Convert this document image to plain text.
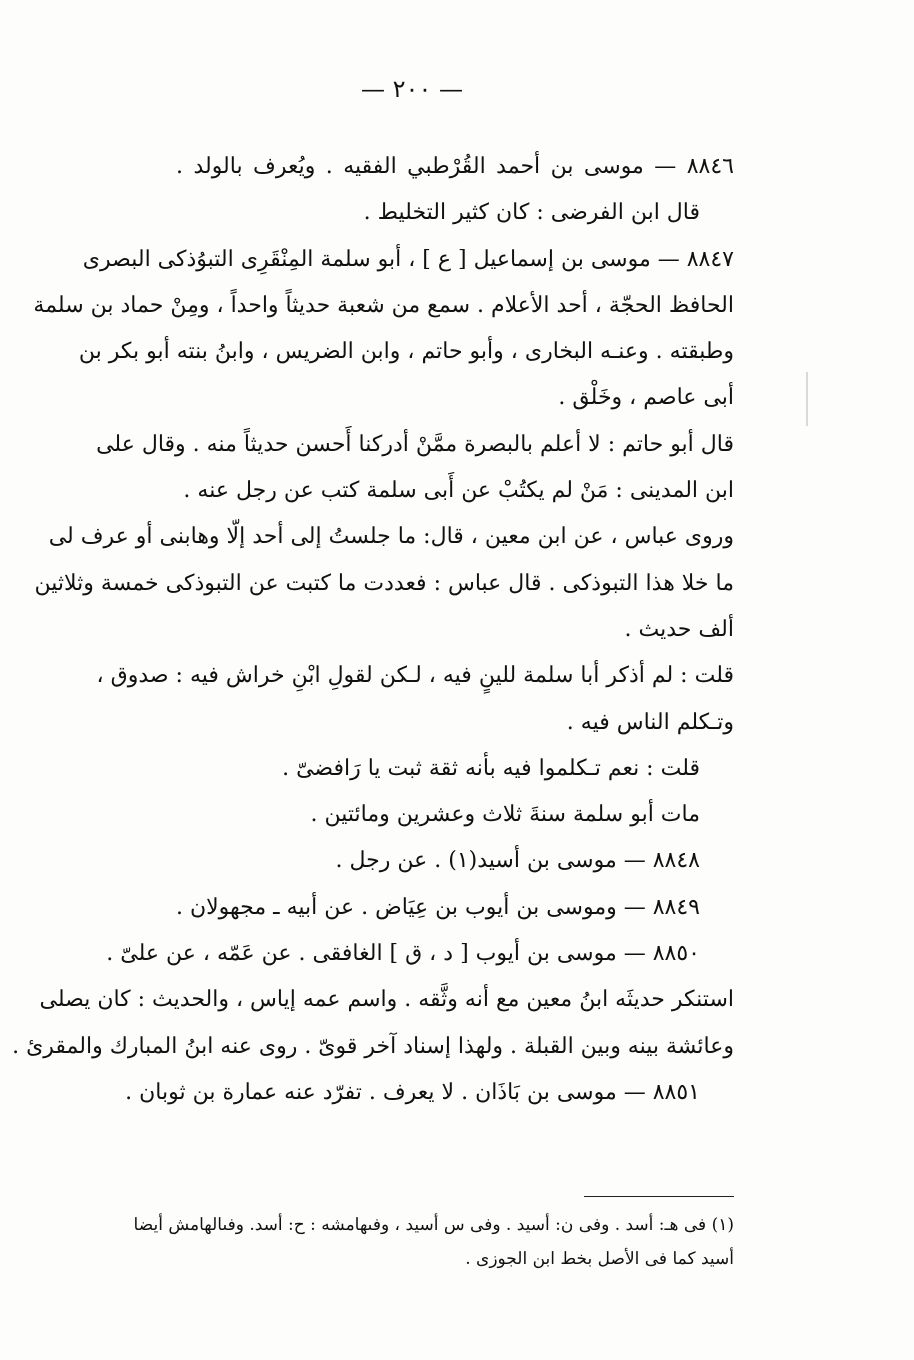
— ٢٠٠ —
٨٨٤٦ — موسى بن أحمد القُرْطبي الفقيه . ويُعرف بالولد .
قال ابن الفرضى : كان كثير التخليط .
٨٨٤٧ — موسى بن إسماعيل [ ع ] ، أبو سلمة المِنْقَرِى التبوُذكى البصرى
الحافظ الحجّة ، أحد الأعلام . سمع من شعبة حديثاً واحداً ، ومِنْ حماد بن سلمة
وطبقته . وعنـه البخارى ، وأبو حاتم ، وابن الضريس ، وابنُ بنته أبو بكر بن
أبى عاصم ، وخَلْق .
قال أبو حاتم : لا أعلم بالبصرة ممَّنْ أدركنا أَحسن حديثاً منه . وقال على
ابن المدينى : مَنْ لم يكتُبْ عن أَبى سلمة كتب عن رجل عنه .
وروى عباس ، عن ابن معين ، قال: ما جلستُ إلى أحد إلّا وهابنى أو عرف لى
ما خلا هذا التبوذكى . قال عباس : فعددت ما كتبت عن التبوذكى خمسة وثلاثين
ألف حديث .
قلت : لم أذكر أبا سلمة للينٍ فيه ، لـكن لقولِ ابْنِ خراش فيه : صدوق ،
وتـكلم الناس فيه .
قلت : نعم تـكلموا فيه بأنه ثقة ثبت يا رَافضىّ .
مات أبو سلمة سنةَ ثلاث وعشرين ومائتين .
٨٨٤٨ — موسى بن أسيد(١) . عن رجل .
٨٨٤٩ — وموسى بن أيوب بن عِيَاض . عن أبيه ـ مجهولان .
٨٨٥٠ — موسى بن أيوب [ د ، ق ] الغافقى . عن عَمّه ، عن علىّ .
استنكر حديثَه ابنُ معين مع أنه وثَّقه . واسم عمه إياس ، والحديث : كان يصلى
وعائشة بينه وبين القبلة . ولهذا إسناد آخر قوىّ . روى عنه ابنُ المبارك والمقرئ .
٨٨٥١ — موسى بن بَاذَان . لا يعرف . تفرّد عنه عمارة بن ثوبان .
(١) فى هـ: أسد . وفى ن: أسيد . وفى س أسيد ، وفىهامشه : ح: أسد. وفىالهامش أيضا
أسيد كما فى الأصل بخط ابن الجوزى .
